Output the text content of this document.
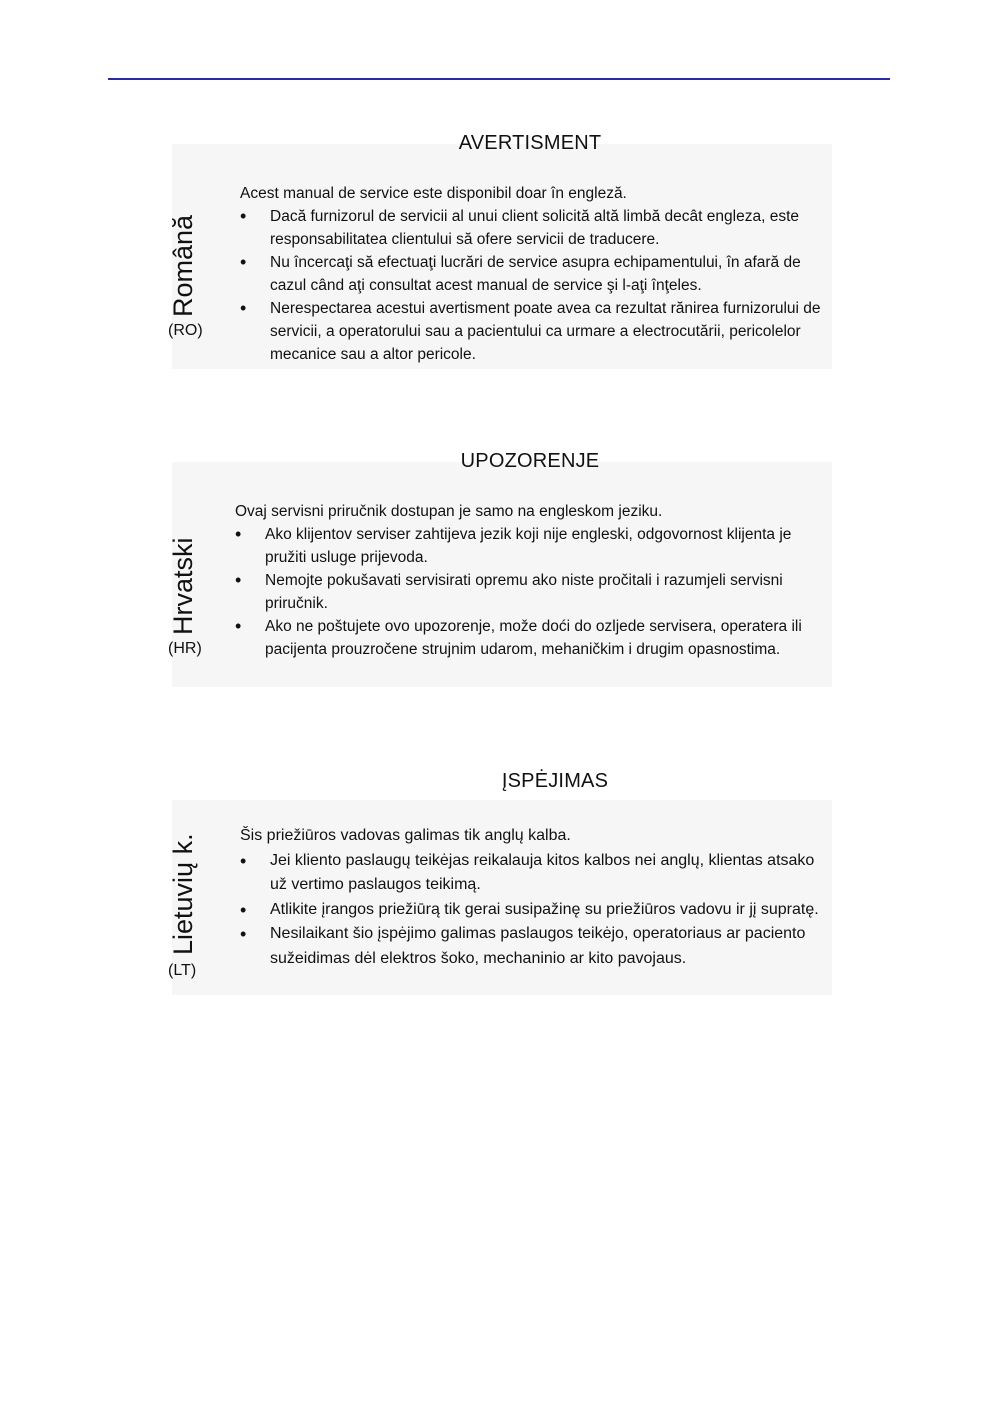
AVERTISMENT
Română
(RO)

Acest manual de service este disponibil doar în engleză.

• Dacă furnizorul de servicii al unui client solicită altă limbă decât engleza, este responsabilitatea clientului să ofere servicii de traducere.
• Nu încercaţi să efectuaţi lucrări de service asupra echipamentului, în afară de cazul când aţi consultat acest manual de service şi l-aţi înţeles.
• Nerespectarea acestui avertisment poate avea ca rezultat rănirea furnizorului de servicii, a operatorului sau a pacientului ca urmare a electrocutării, pericolelor mecanice sau a altor pericole.
UPOZORENJE
Hrvatski
(HR)

Ovaj servisni priručnik dostupan je samo na engleskom jeziku.

• Ako klijentov serviser zahtijeva jezik koji nije engleski, odgovornost klijenta je pružiti usluge prijevoda.
• Nemojte pokušavati servisirati opremu ako niste pročitali i razumjeli servisni priručnik.
• Ako ne poštujete ovo upozorenje, može doći do ozljede servisera, operatera ili pacijenta prouzročene strujnim udarom, mehaničkim i drugim opasnostima.
ĮSPĖJIMAS
Lietuvių k.
(LT)

Šis priežiūros vadovas galimas tik anglų kalba.

• Jei kliento paslaugų teikėjas reikalauja kitos kalbos nei anglų, klientas atsako už vertimo paslaugos teikimą.
• Atlikite įrangos priežiūrą tik gerai susipažinę su priežiūros vadovu ir jį supratę.
• Nesilaikant šio įspėjimo galimas paslaugos teikėjo, operatoriaus ar paciento sužeidimas dėl elektros šoko, mechaninio ar kito pavojaus.
